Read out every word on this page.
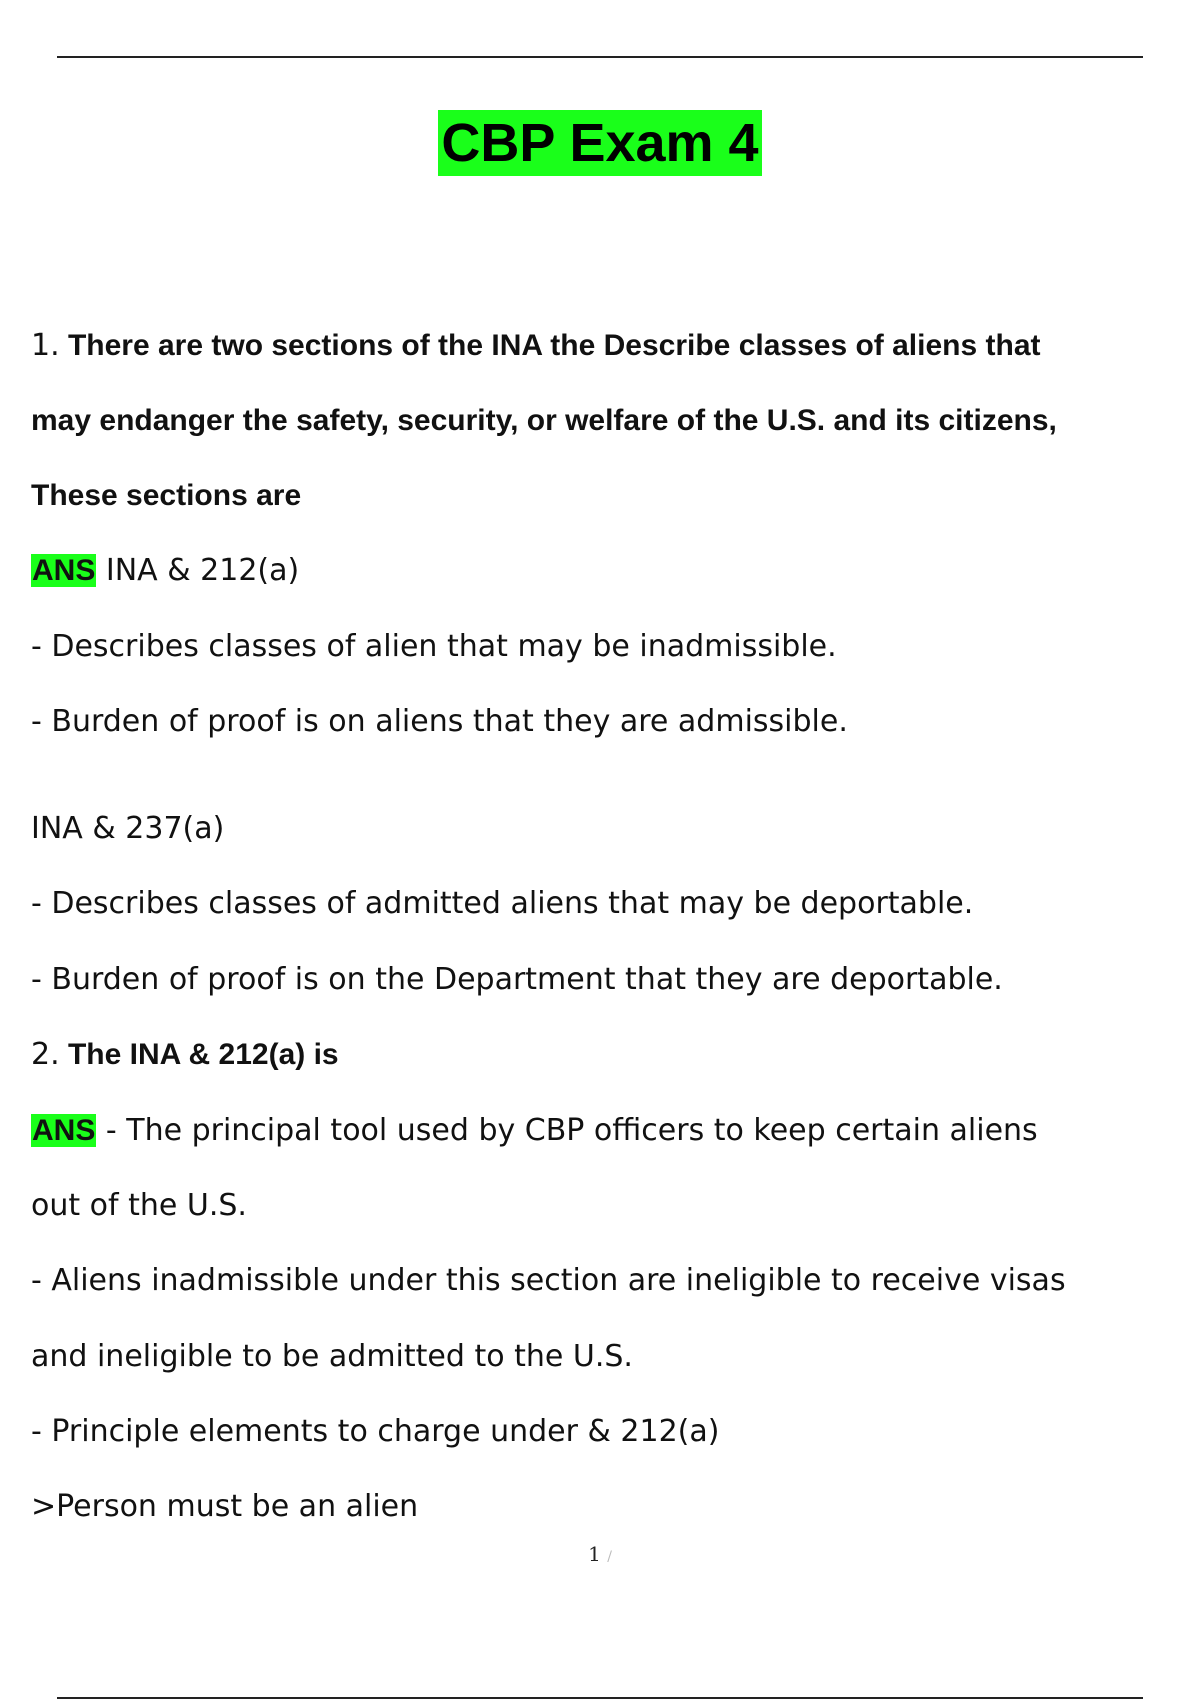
CBP Exam 4
1. There are two sections of the INA the Describe classes of aliens that
may endanger the safety, security, or welfare of the U.S. and its citizens,
These sections are
ANS INA & 212(a)
- Describes classes of alien that may be inadmissible.
- Burden of proof is on aliens that they are admissible.
INA & 237(a)
- Describes classes of admitted aliens that may be deportable.
- Burden of proof is on the Department that they are deportable.
2. The INA & 212(a) is
ANS - The principal tool used by CBP officers to keep certain aliens
out of the U.S.
- Aliens inadmissible under this section are ineligible to receive visas
and ineligible to be admitted to the U.S.
- Principle elements to charge under & 212(a)
>Person must be an alien
1 /
